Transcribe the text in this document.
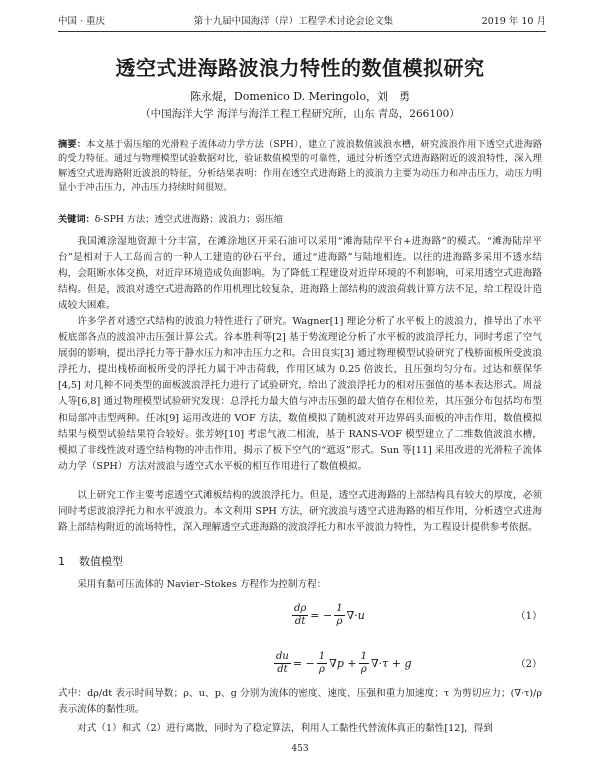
中国 · 重庆	第十九届中国海洋（岸）工程学术讨论会论文集	2019 年 10 月
透空式进海路波浪力特性的数值模拟研究
陈永焜，Domenico D. Meringolo，刘　勇
（中国海洋大学 海洋与海洋工程工程研究所，山东 青岛，266100）
摘要：本文基于弱压缩的光滑粒子流体动力学方法（SPH），建立了波浪数值波浪水槽，研究波浪作用下透空式进海路的受力特征。通过与物理模型试验数据对比，验证数值模型的可靠性，通过分析透空式进海路附近的波浪特性，深入理解透空式进海路附近波浪的特征，分析结果表明：作用在透空式进海路上的波浪力主要为动压力和冲击压力，动压力明显小于冲击压力，冲击压力持续时间很短。
关键词：δ-SPH 方法；透空式进海路；波浪力；弱压缩

我国滩涂湿地资源十分丰富，在滩涂地区开采石油可以采用“滩海陆岸平台+进海路”的模式。“滩海陆岸平台”是相对于人工岛而言的一种人工建造的砂石平台，通过“进海路”与陆地相连。以往的进海路多采用不透水结构，会阻断水体交换，对近岸环境造成负面影响。为了降低工程建设对近岸环境的不利影响，可采用透空式进海路结构。但是，波浪对透空式进海路的作用机理比较复杂，进海路上部结构的波浪荷载计算方法不足，给工程设计造成较大困难。

许多学者对透空式结构的波浪力特性进行了研究。Wagner[1] 理论分析了水平板上的波浪力，推导出了水平板底部各点的波浪冲击压强计算公式。谷本胜利等[2] 基于势流理论分析了水平板的波浪浮托力，同时考虑了空气展弱的影响，提出浮托力等于静水压力和冲击压力之和。合田良实[3] 通过物理模型试验研究了栈桥面板所受波浪浮托力，提出栈桥面板所受的浮托力属于冲击荷载，作用区域为 0.25 倍波长，且压强均匀分布。过达和蔡保华[4,5] 对几种不同类型的面板波浪浮托力进行了试验研究，给出了波浪浮托力的相对压强值的基本表达形式。周益人等[6,8] 通过物理模型试验研究发现：总浮托力最大值与冲击压强的最大值存在相位差，其压强分布包括均布型和局部冲击型两种。任冰[9] 运用改进的 VOF 方法，数值模拟了随机波对开边界码头面板的冲击作用，数值模拟结果与模型试验结果符合较好。张芳婷[10] 考虑气液二相流，基于 RANS-VOF 模型建立了二维数值波浪水槽，模拟了非线性波对透空结构物的冲击作用，揭示了板下空气的“遮返”形式。Sun 等[11] 采用改进的光滑粒子流体动力学（SPH）方法对波浪与透空式水平板的相互作用进行了数值模拟。

以上研究工作主要考虑透空式滩板结构的波浪浮托力。但是，透空式进海路的上部结构具有较大的厚度，必须同时考虑波浪浮托力和水平波浪力。本文利用 SPH 方法，研究波浪与透空式进海路的相互作用，分析透空式进海路上部结构附近的流场特性，深入理解透空式进海路的波浪浮托力和水平波浪力特性，为工程设计提供参考依据。

1 数值模型

采用有黏可压流体的 Navier–Stokes 方程作为控制方程：

$\frac{d\rho}{dt}$ = − $\frac{1}{\rho} \nabla\cdot u$	（1）
$\frac{du}{dt}$ = − $\frac{1}{\rho} \nabla p + \frac{1}{\rho} \nabla\cdot\tau + g$	（2）

式中：dρ/dt 表示时间导数；ρ、u、p、g 分别为流体的密度、速度、压强和重力加速度；τ 为剪切应力；(∇·τ)/ρ 表示流体的黏性项。

对式（1）和式（2）进行离散，同时为了稳定算法，利用人工黏性代替流体真正的黏性[12]，得到

453
